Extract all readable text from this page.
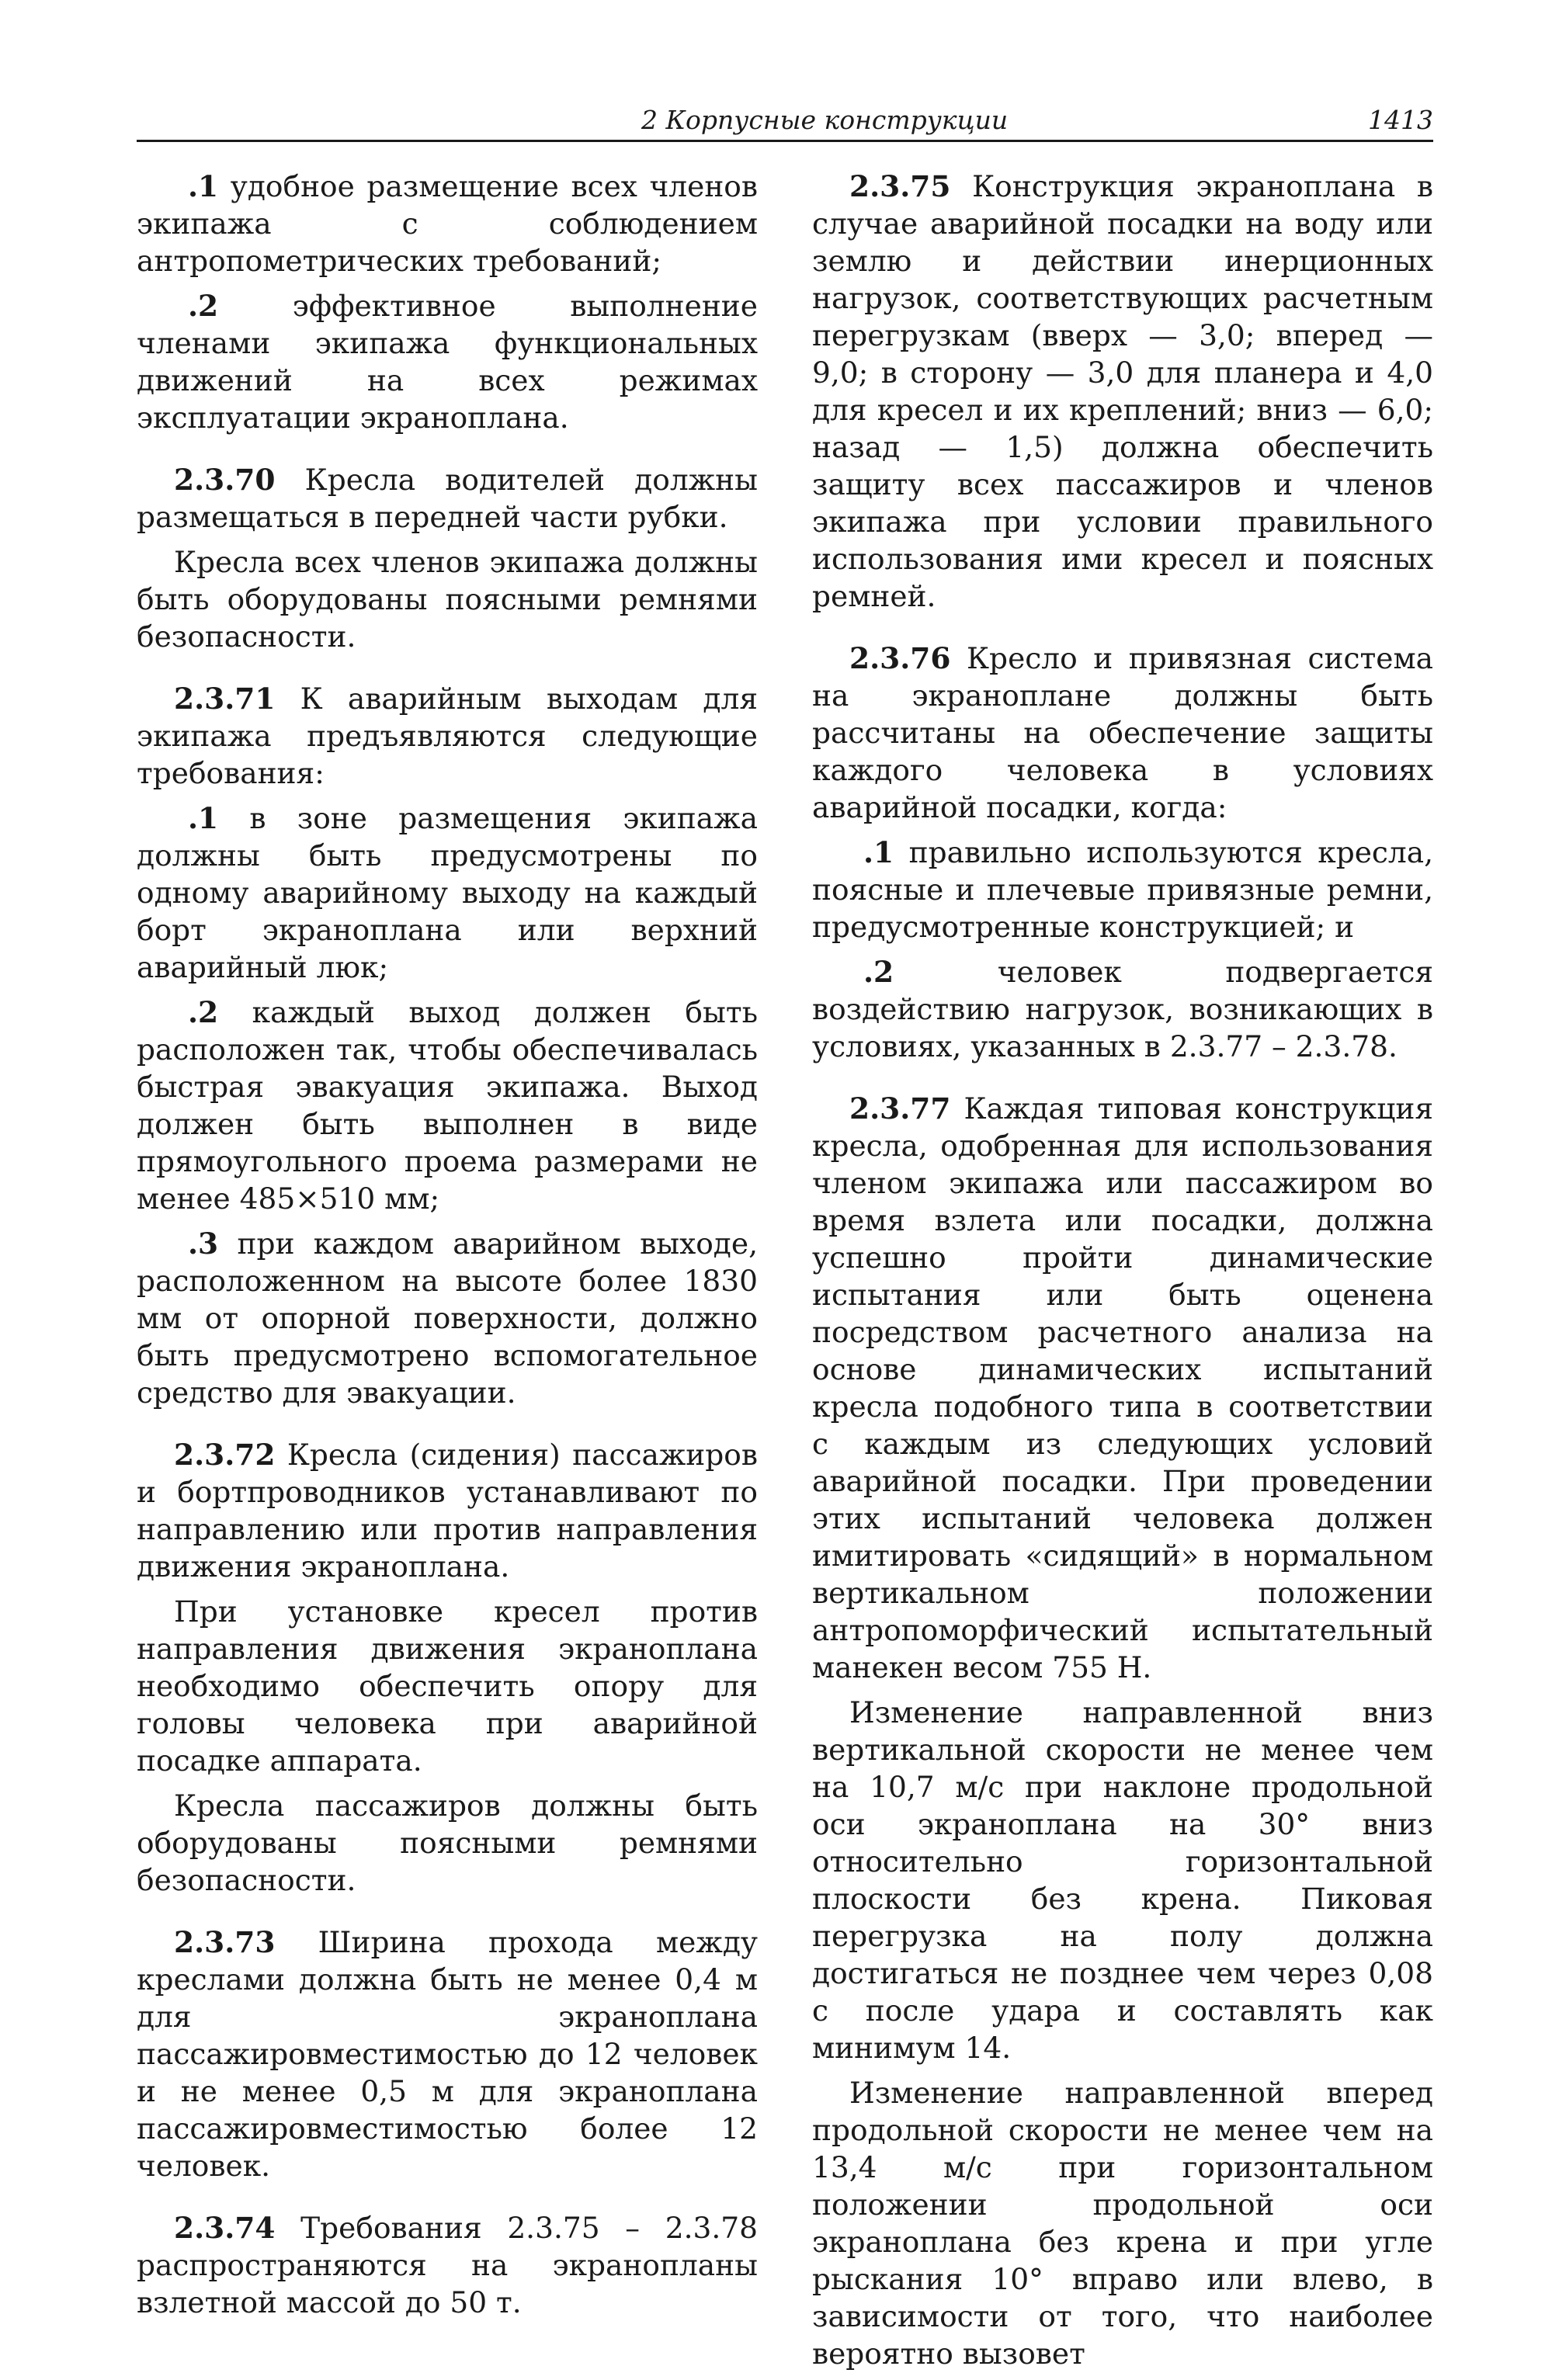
2 Корпусные конструкции	1413

.1 удобное размещение всех членов экипажа с соблюдением антропометрических требований;

.2 эффективное выполнение членами экипажа функциональных движений на всех режимах эксплуатации экраноплана.

2.3.70 Кресла водителей должны размещаться в передней части рубки.

Кресла всех членов экипажа должны быть оборудованы поясными ремнями безопасности.

2.3.71 К аварийным выходам для экипажа предъявляются следующие требования:

.1 в зоне размещения экипажа должны быть предусмотрены по одному аварийному выходу на каждый борт экраноплана или верхний аварийный люк;

.2 каждый выход должен быть расположен так, чтобы обеспечивалась быстрая эвакуация экипажа. Выход должен быть выполнен в виде прямоугольного проема размерами не менее 485×510 мм;

.3 при каждом аварийном выходе, расположенном на высоте более 1830 мм от опорной поверхности, должно быть предусмотрено вспомогательное средство для эвакуации.

2.3.72 Кресла (сидения) пассажиров и бортпроводников устанавливают по направлению или против направления движения экраноплана.

При установке кресел против направления движения экраноплана необходимо обеспечить опору для головы человека при аварийной посадке аппарата.

Кресла пассажиров должны быть оборудованы поясными ремнями безопасности.

2.3.73 Ширина прохода между креслами должна быть не менее 0,4 м для экраноплана пассажировместимостью до 12 человек и не менее 0,5 м для экраноплана пассажировместимостью более 12 человек.

2.3.74 Требования 2.3.75 – 2.3.78 распространяются на экранопланы взлетной массой до 50 т.

2.3.75 Конструкция экраноплана в случае аварийной посадки на воду или землю и действии инерционных нагрузок, соответствующих расчетным перегрузкам (вверх — 3,0; вперед — 9,0; в сторону — 3,0 для планера и 4,0 для кресел и их креплений; вниз — 6,0; назад — 1,5) должна обеспечить защиту всех пассажиров и членов экипажа при условии правильного использования ими кресел и поясных ремней.

2.3.76 Кресло и привязная система на экраноплане должны быть рассчитаны на обеспечение защиты каждого человека в условиях аварийной посадки, когда:

.1 правильно используются кресла, поясные и плечевые привязные ремни, предусмотренные конструкцией; и

.2 человек подвергается воздействию нагрузок, возникающих в условиях, указанных в 2.3.77 – 2.3.78.

2.3.77 Каждая типовая конструкция кресла, одобренная для использования членом экипажа или пассажиром во время взлета или посадки, должна успешно пройти динамические испытания или быть оценена посредством расчетного анализа на основе динамических испытаний кресла подобного типа в соответствии с каждым из следующих условий аварийной посадки. При проведении этих испытаний человека должен имитировать «сидящий» в нормальном вертикальном положении антропоморфический испытательный манекен весом 755 Н.

Изменение направленной вниз вертикальной скорости не менее чем на 10,7 м/с при наклоне продольной оси экраноплана на 30° вниз относительно горизонтальной плоскости без крена. Пиковая перегрузка на полу должна достигаться не позднее чем через 0,08 с после удара и составлять как минимум 14.

Изменение направленной вперед продольной скорости не менее чем на 13,4 м/с при горизонтальном положении продольной оси экраноплана без крена и при угле рыскания 10° вправо или влево, в зависимости от того, что наиболее вероятно вызовет
